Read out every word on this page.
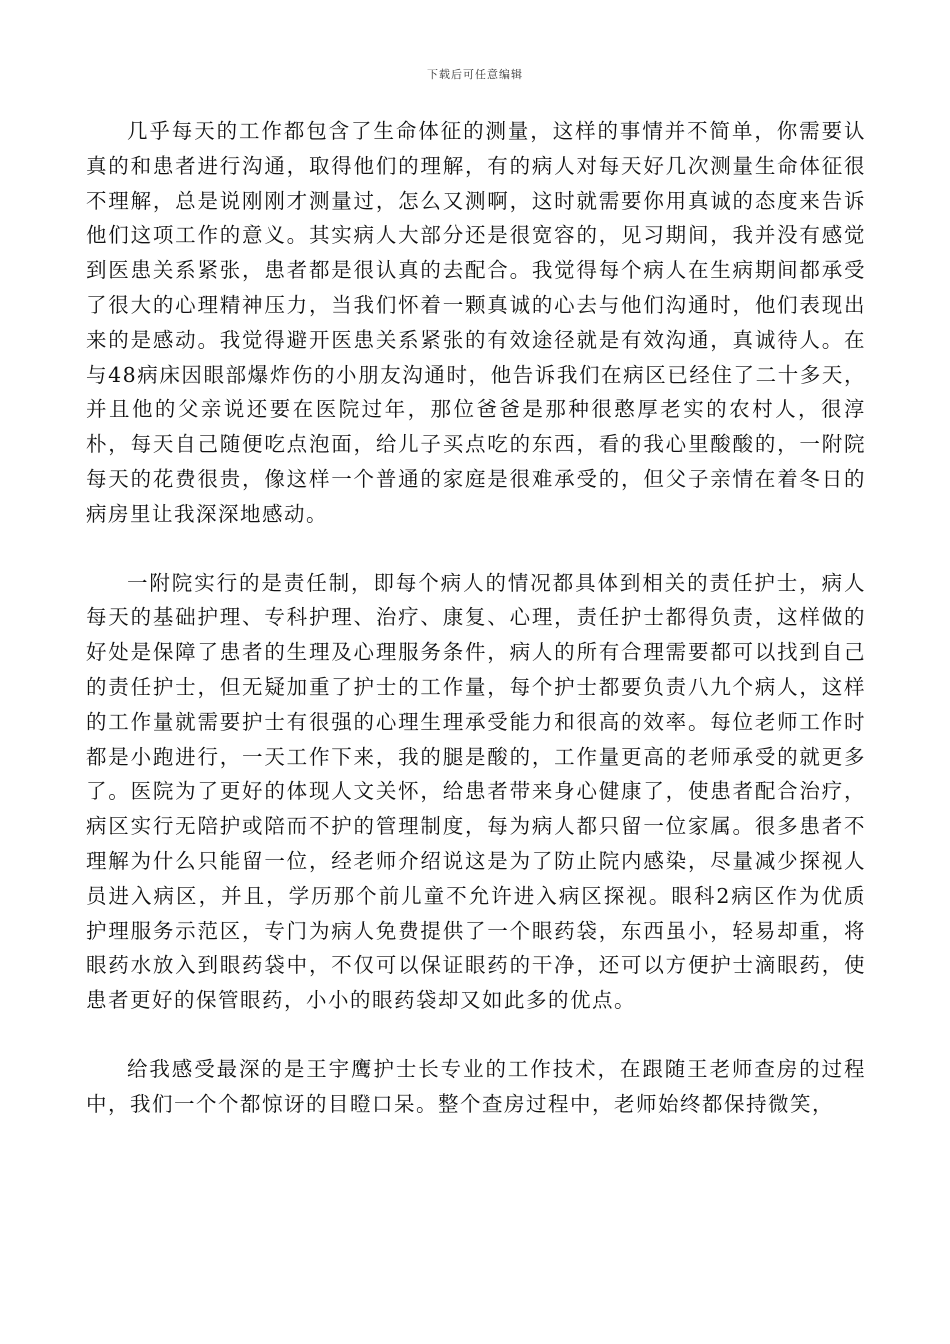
下载后可任意编辑

几乎每天的工作都包含了生命体征的测量，这样的事情并不简单，你需要认真的和患者进行沟通，取得他们的理解，有的病人对每天好几次测量生命体征很不理解，总是说刚刚才测量过，怎么又测啊，这时就需要你用真诚的态度来告诉他们这项工作的意义。其实病人大部分还是很宽容的，见习期间，我并没有感觉到医患关系紧张，患者都是很认真的去配合。我觉得每个病人在生病期间都承受了很大的心理精神压力，当我们怀着一颗真诚的心去与他们沟通时，他们表现出来的是感动。我觉得避开医患关系紧张的有效途径就是有效沟通，真诚待人。在与48病床因眼部爆炸伤的小朋友沟通时，他告诉我们在病区已经住了二十多天，并且他的父亲说还要在医院过年，那位爸爸是那种很憨厚老实的农村人，很淳朴，每天自己随便吃点泡面，给儿子买点吃的东西，看的我心里酸酸的，一附院每天的花费很贵，像这样一个普通的家庭是很难承受的，但父子亲情在着冬日的病房里让我深深地感动。

一附院实行的是责任制，即每个病人的情况都具体到相关的责任护士，病人每天的基础护理、专科护理、治疗、康复、心理，责任护士都得负责，这样做的好处是保障了患者的生理及心理服务条件，病人的所有合理需要都可以找到自己的责任护士，但无疑加重了护士的工作量，每个护士都要负责八九个病人，这样的工作量就需要护士有很强的心理生理承受能力和很高的效率。每位老师工作时都是小跑进行，一天工作下来，我的腿是酸的，工作量更高的老师承受的就更多了。医院为了更好的体现人文关怀，给患者带来身心健康了，使患者配合治疗，病区实行无陪护或陪而不护的管理制度，每为病人都只留一位家属。很多患者不理解为什么只能留一位，经老师介绍说这是为了防止院内感染，尽量减少探视人员进入病区，并且，学历那个前儿童不允许进入病区探视。眼科2病区作为优质护理服务示范区，专门为病人免费提供了一个眼药袋，东西虽小，轻易却重，将眼药水放入到眼药袋中，不仅可以保证眼药的干净，还可以方便护士滴眼药，使患者更好的保管眼药，小小的眼药袋却又如此多的优点。

给我感受最深的是王宇鹰护士长专业的工作技术，在跟随王老师查房的过程中，我们一个个都惊讶的目瞪口呆。整个查房过程中，老师始终都保持微笑，
